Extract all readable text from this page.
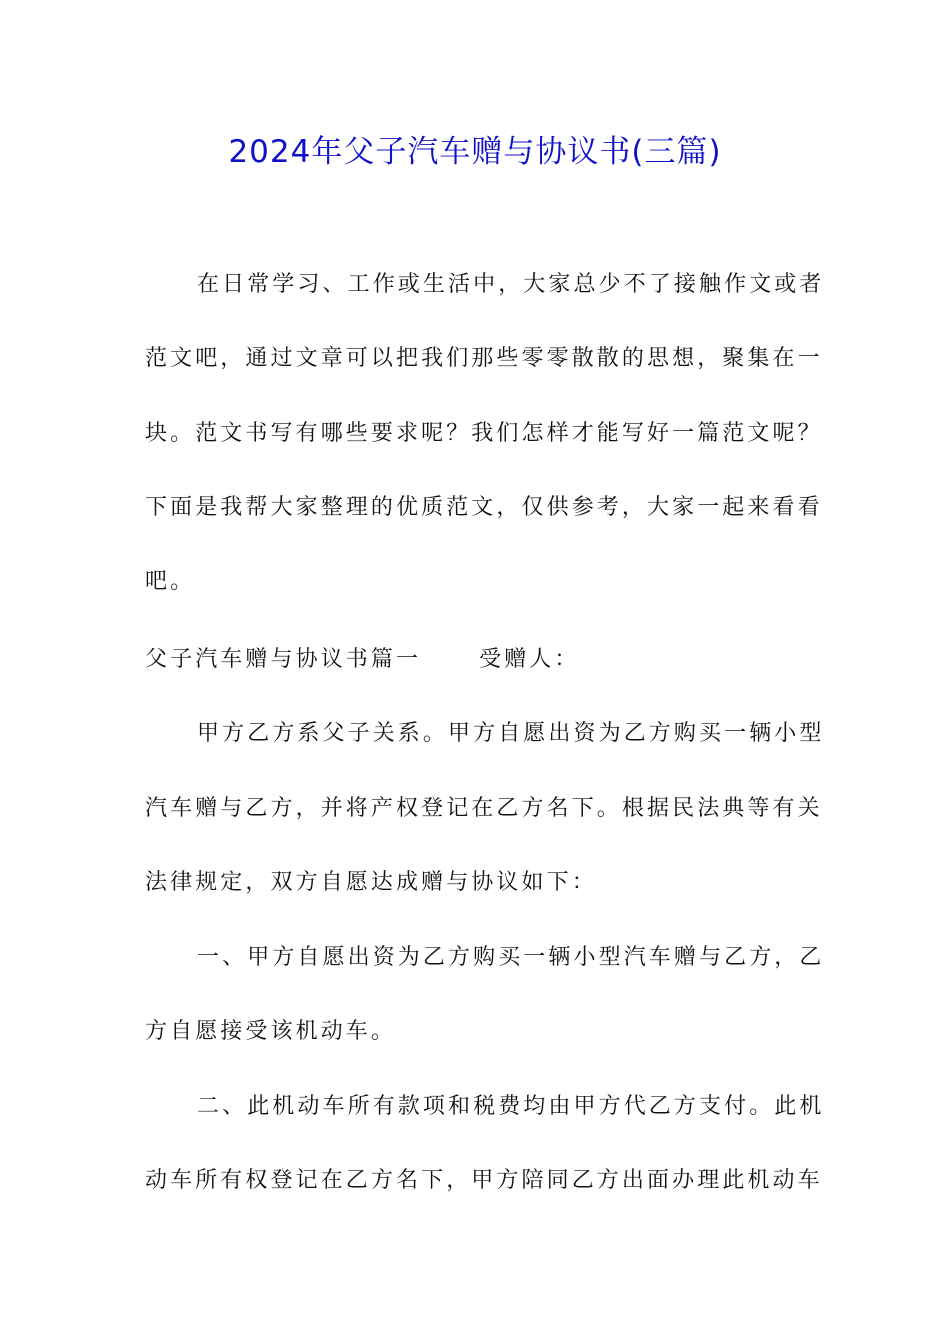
2024年父子汽车赠与协议书(三篇)
在日常学习、工作或生活中，大家总少不了接触作文或者
范文吧，通过文章可以把我们那些零零散散的思想，聚集在一
块。范文书写有哪些要求呢？我们怎样才能写好一篇范文呢？
下面是我帮大家整理的优质范文，仅供参考，大家一起来看看
吧。
父子汽车赠与协议书篇一	受赠人：
甲方乙方系父子关系。甲方自愿出资为乙方购买一辆小型
汽车赠与乙方，并将产权登记在乙方名下。根据民法典等有关
法律规定，双方自愿达成赠与协议如下：
一、甲方自愿出资为乙方购买一辆小型汽车赠与乙方，乙
方自愿接受该机动车。
二、此机动车所有款项和税费均由甲方代乙方支付。此机
动车所有权登记在乙方名下，甲方陪同乙方出面办理此机动车
